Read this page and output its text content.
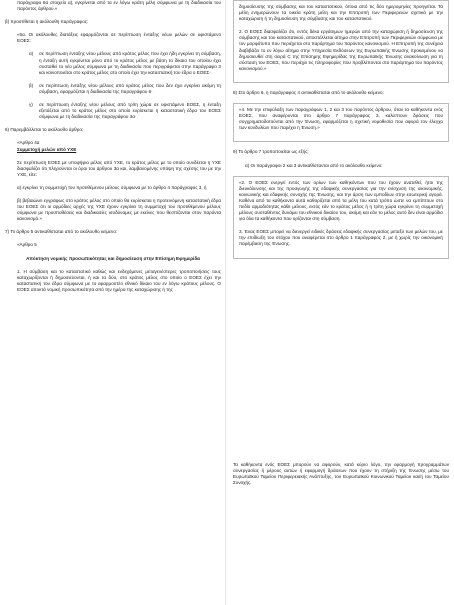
παράγραφο 6α στοιχείο α), εγκρίνεται από τα εν λόγω κράτη μέλη σύμφωνα με τη διαδικασία του παρόντος άρθρου.»

β) προστίθεται η ακόλουθη παράγραφος:

«6α. Οι ακόλουθες διατάξεις εφαρμόζονται σε περίπτωση ένταξης νέων μελών σε υφιστάμενο ΕΟΕΣ:

α)	σε περίπτωση ένταξης νέου μέλους από κράτος μέλος που έχει ήδη εγκρίνει τη σύμβαση, η ένταξη αυτή εγκρίνεται μόνο από το κράτος μέλος με βάση το δίκαιο του οποίου έχει συσταθεί το νέο μέλος σύμφωνα με τη διαδικασία που περιγράφεται στην παράγραφο 3 και κοινοποιείται στο κράτος μέλος στο οποίο έχει την καταστατική του έδρα ο ΕΟΕΣ·
β)	σε περίπτωση ένταξης νέου μέλους από κράτος μέλος που δεν έχει εγκρίνει ακόμη τη σύμβαση, εφαρμόζεται η διαδικασία της παραγράφου 6·
γ)	σε περίπτωση ένταξης νέου μέλους από τρίτη χώρα σε υφιστάμενο ΕΟΕΣ, η ένταξη εξετάζεται από το κράτος μέλος στο οποίο ευρίσκεται η καταστατική έδρα του ΕΟΕΣ σύμφωνα με τη διαδικασία της παραγράφου 3α·

6) Παρεμβάλλεται το ακόλουθο άρθρο:

«Άρθρο 4α

Συμμετοχή μελών από ΥΧΕ

Σε περίπτωση ΕΟΕΣ με υποψήφιο μέλος από ΥΧΕ, το κράτος μέλος με το οποίο συνδέεται η ΥΧΕ διασφαλίζει ότι πληρούνται οι όροι του άρθρου 3α και, λαμβανομένης υπόψη της σχέσης του με την ΥΧΕ, είτε:

α) εγκρίνει τη συμμετοχή του προτιθέμενου μέλους σύμφωνα με το άρθρο 4 παράγραφος 3, ή

β) βεβαιώνει εγγράφως στο κράτος μέλος στο οποίο θα ευρίσκεται η προτεινόμενη καταστατική έδρα του ΕΟΕΣ ότι οι αρμόδιες αρχές της ΥΧΕ έχουν εγκρίνει τη συμμετοχή του προτιθέμενου μέλους σύμφωνα με προϋποθέσεις και διαδικασίες ισοδύναμες με εκείνες που θεσπίζονται στον παρόντα κανονισμό.»

7) Το άρθρο 5 αντικαθίσταται από το ακόλουθο κείμενο:

«Άρθρο 5

Απόκτηση νομικής προσωπικότητας και δημοσίευση στην Επίσημη Εφημερίδα

1. Η σύμβαση και το καταστατικό καθώς και ενδεχόμενες μεταγενέστερες τροποποιήσεις τους καταχωρίζονται ή δημοσιεύονται, ή και τα δύο, στο κράτος μέλος στο οποίο ο ΕΟΕΣ έχει την καταστατική του έδρα σύμφωνα με το εφαρμοστέο εθνικό δίκαιο του εν λόγω κράτους μέλους. Ο ΕΟΕΣ αποκτά νομική προσωπικότητα από την ημέρα της καταχώρισης ή της

δημοσίευσης της σύμβασης και του καταστατικού, όποια από τις δύο ημερομηνίες προηγείται. Τα μέλη ενημερώνουν τα οικεία κράτη μέλη και την Επιτροπή των Περιφερειών σχετικά με την καταχώριση ή τη δημοσίευση της σύμβασης και του καταστατικού.

2. Ο ΕΟΕΣ διασφαλίζει ότι, εντός δέκα εργάσιμων ημερών από την καταχώριση ή δημοσίευση της σύμβασης και του καταστατικού, αποστέλλεται αίτημα στην Επιτροπή των Περιφερειών σύμφωνα με τον μορφότυπο που περιέχεται στο παράρτημα του παρόντος κανονισμού. Η Επιτροπή της συνέχεια διαβιβάζει το εν λόγω αίτημα στην Υπηρεσία Εκδόσεων της Ευρωπαϊκής Ένωσης προκειμένου να δημοσιευθεί στη σειρά C της Επίσημης Εφημερίδας της Ευρωπαϊκής Ένωσης ανακοίνωση για τη σύσταση του ΕΟΕΣ, που περιέχει τις πληροφορίες που προβλέπονται στο παράρτημα του παρόντος κανονισμού.»

8) Στο άρθρο 6, η παράγραφος 4 αντικαθίσταται από το ακόλουθο κείμενο:

«4. Με την επιφύλαξη των παραγράφων 1, 2 και 3 του παρόντος άρθρου, όταν τα καθήκοντα ενός ΕΟΕΣ, που αναφέρονται στο άρθρο 7 παράγραφος 3, καλύπτουν δράσεις που συγχρηματοδοτούνται από την Ένωση, εφαρμόζεται η σχετική νομοθεσία που αφορά τον έλεγχο των κονδυλίων που παρέχει η Ένωση.»

9) Το άρθρο 7 τροποποιείται ως εξής:

α) Οι παράγραφοι 2 και 3 αντικαθίστανται από το ακόλουθο κείμενο:

«2. Ο ΕΟΕΣ ενεργεί εντός των ορίων των καθηκόντων που του έχουν ανατεθεί, ήτοι της διευκόλυνσης και της προαγωγής της εδαφικής συνεργασίας για την ενίσχυση της οικονομικής, κοινωνικής και εδαφικής συνοχής της Ένωσης, και την άρση των εμποδίων στην εσωτερική αγορά. Καθένα από τα καθήκοντα αυτά καθορίζεται από τα μέλη του κατά τρόπο ώστε να εμπίπτουν στο πεδίο αρμοδιότητας κάθε μέλους, εκτός εάν το κράτος μέλος ή η τρίτη χώρα εγκρίνει τη συμμετοχή μέλους συσταθέντος δυνάμει του εθνικού δικαίου του, ακόμη και εάν το μέλος αυτό δεν είναι αρμόδιο για όλα τα καθήκοντα που ορίζονται στη σύμβαση.

3. Ένας ΕΟΕΣ μπορεί να διενεργεί ειδικές δράσεις εδαφικής συνεργασίας μεταξύ των μελών του, με την επιδίωξη του στόχου που αναφέρεται στο άρθρο 1 παράγραφος 2, με ή χωρίς την οικονομική παρέμβαση της Ένωσης.

Τα καθήκοντα ενός ΕΟΕΣ μπορούν να αφορούν, κατά κύριο λόγο, την εφαρμογή προγραμμάτων συνεργασίας ή μέρους αυτών ή εφαρμογή δράσεων που έχουν τη στήριξη της Ένωσης μέσω του Ευρωπαϊκού Ταμείου Περιφερειακής Ανάπτυξης, του Ευρωπαϊκού Κοινωνικού Ταμείου και/ή του Ταμείου Συνοχής.
